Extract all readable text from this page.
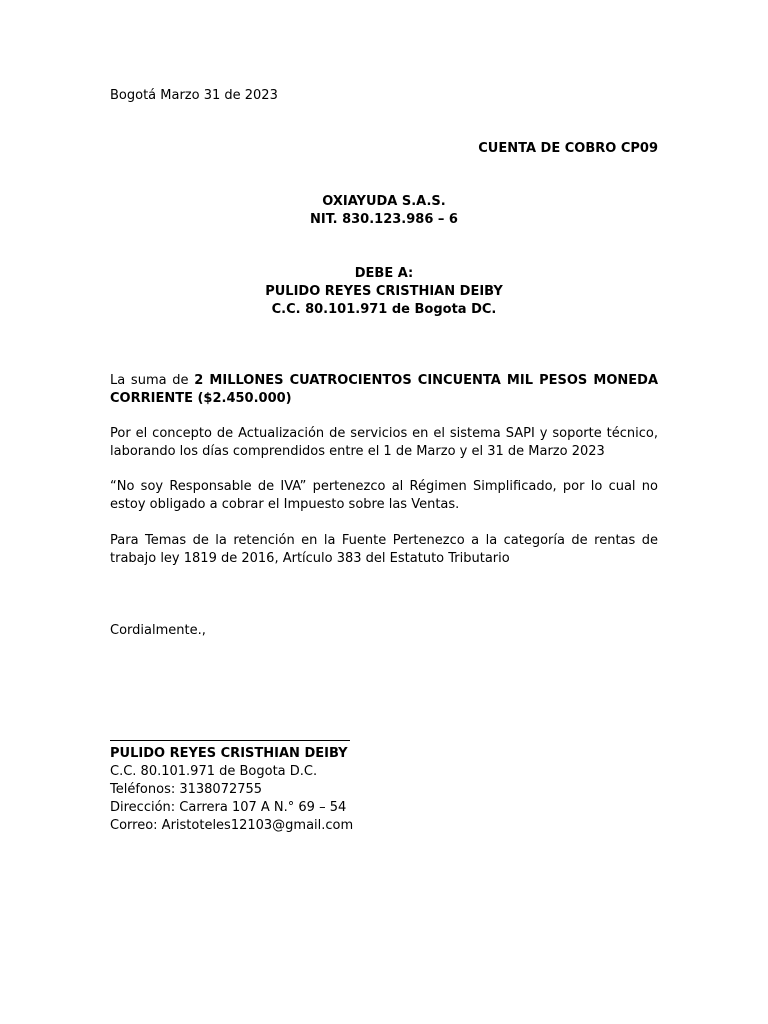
Bogotá Marzo 31 de 2023

CUENTA DE COBRO CP09

OXIAYUDA S.A.S.

NIT. 830.123.986 – 6

DEBE A:

PULIDO REYES CRISTHIAN DEIBY

C.C. 80.101.971 de Bogota DC.

La suma de 2 MILLONES CUATROCIENTOS CINCUENTA MIL PESOS MONEDA CORRIENTE ($2.450.000)

Por el concepto de Actualización de servicios en el sistema SAPI y soporte técnico, laborando los días comprendidos entre el 1 de Marzo y el 31 de Marzo 2023

“No soy Responsable de IVA” pertenezco al Régimen Simplificado, por lo cual no estoy obligado a cobrar el Impuesto sobre las Ventas.

Para Temas de la retención en la Fuente Pertenezco a la categoría de rentas de trabajo ley 1819 de 2016, Artículo 383 del Estatuto Tributario

Cordialmente.,

PULIDO REYES CRISTHIAN DEIBY

C.C. 80.101.971 de Bogota D.C.

Teléfonos: 3138072755

Dirección: Carrera 107 A N.° 69 – 54

Correo: Aristoteles12103@gmail.com
